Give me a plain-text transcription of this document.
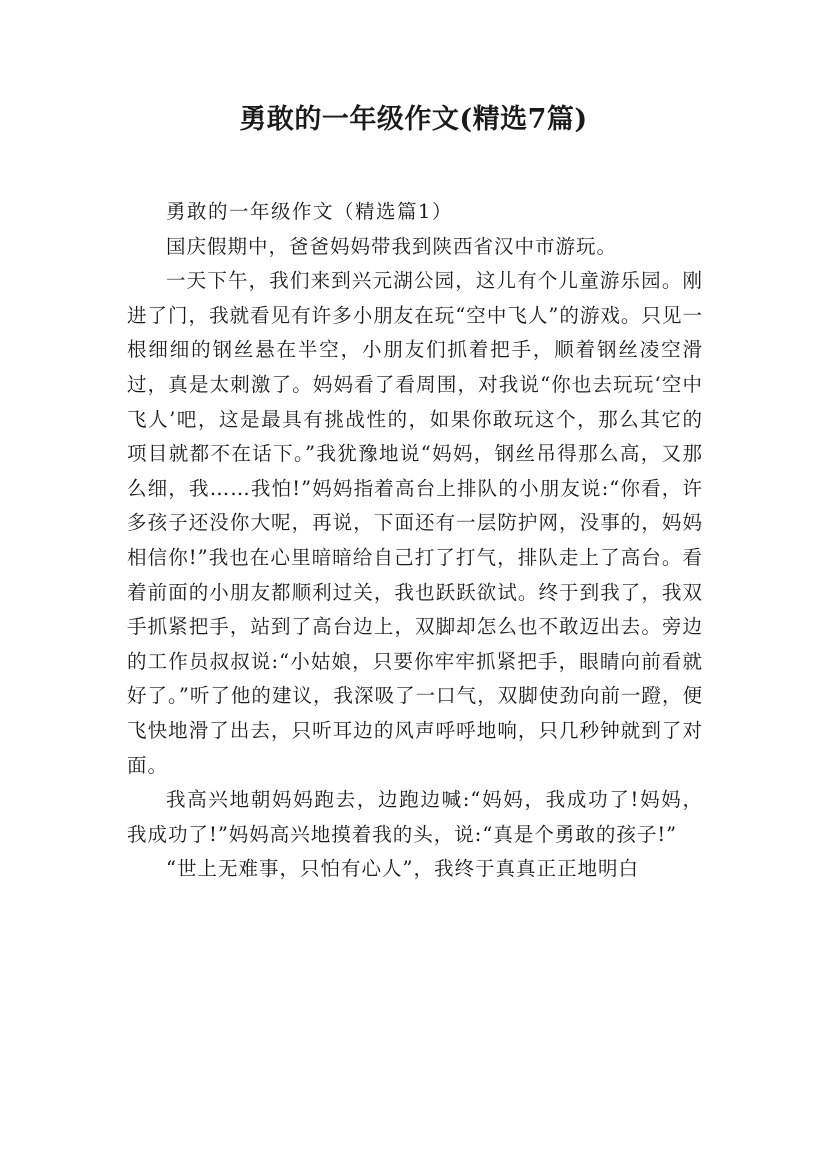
勇敢的一年级作文(精选7篇)

勇敢的一年级作文（精选篇1）

国庆假期中，爸爸妈妈带我到陕西省汉中市游玩。

一天下午，我们来到兴元湖公园，这儿有个儿童游乐园。刚进了门，我就看见有许多小朋友在玩“空中飞人”的游戏。只见一根细细的钢丝悬在半空，小朋友们抓着把手，顺着钢丝凌空滑过，真是太刺激了。妈妈看了看周围，对我说“你也去玩玩‘空中飞人’吧，这是最具有挑战性的，如果你敢玩这个，那么其它的项目就都不在话下。”我犹豫地说“妈妈，钢丝吊得那么高，又那么细，我……我怕!”妈妈指着高台上排队的小朋友说:“你看，许多孩子还没你大呢，再说，下面还有一层防护网，没事的，妈妈相信你!”我也在心里暗暗给自己打了打气，排队走上了高台。看着前面的小朋友都顺利过关，我也跃跃欲试。终于到我了，我双手抓紧把手，站到了高台边上，双脚却怎么也不敢迈出去。旁边的工作员叔叔说:“小姑娘，只要你牢牢抓紧把手，眼睛向前看就好了。”听了他的建议，我深吸了一口气，双脚使劲向前一蹬，便飞快地滑了出去，只听耳边的风声呼呼地响，只几秒钟就到了对面。

我高兴地朝妈妈跑去，边跑边喊:“妈妈，我成功了!妈妈，我成功了!”妈妈高兴地摸着我的头，说:“真是个勇敢的孩子!”

“世上无难事，只怕有心人”，我终于真真正正地明白
